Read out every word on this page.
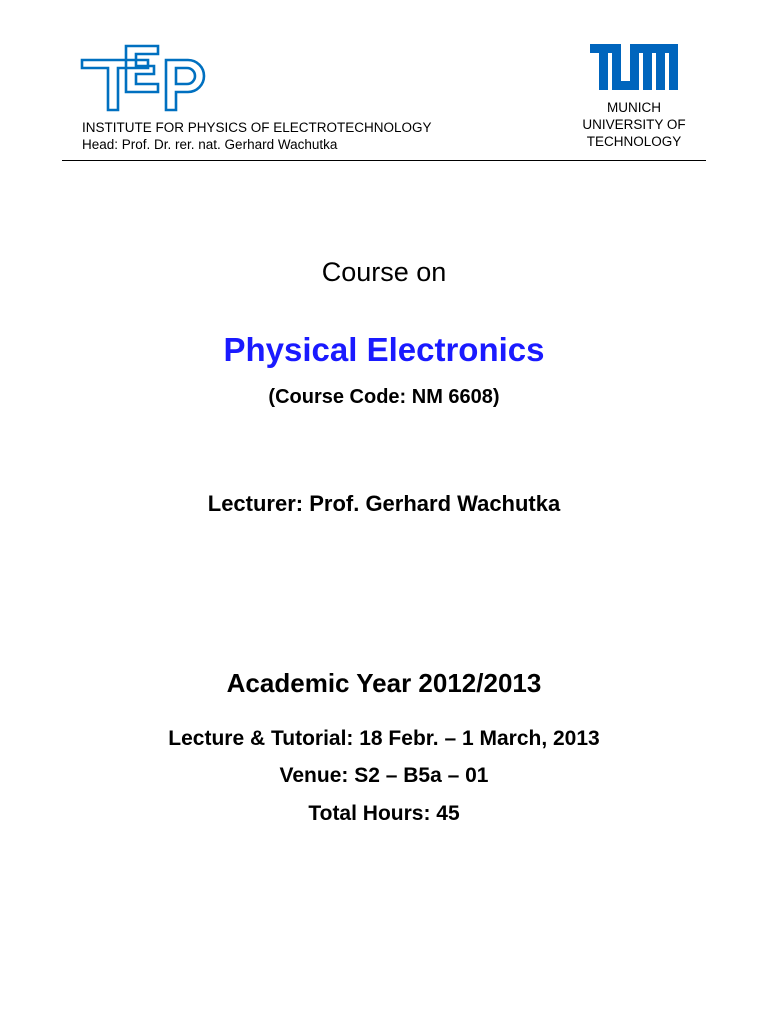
INSTITUTE FOR PHYSICS OF ELECTROTECHNOLOGY
Head: Prof. Dr. rer. nat. Gerhard Wachutka
MUNICH
UNIVERSITY OF
TECHNOLOGY
Course on
Physical Electronics
(Course Code: NM 6608)
Lecturer: Prof. Gerhard Wachutka
Academic Year 2012/2013
Lecture & Tutorial: 18 Febr. – 1 March, 2013
Venue: S2 – B5a – 01
Total Hours: 45
